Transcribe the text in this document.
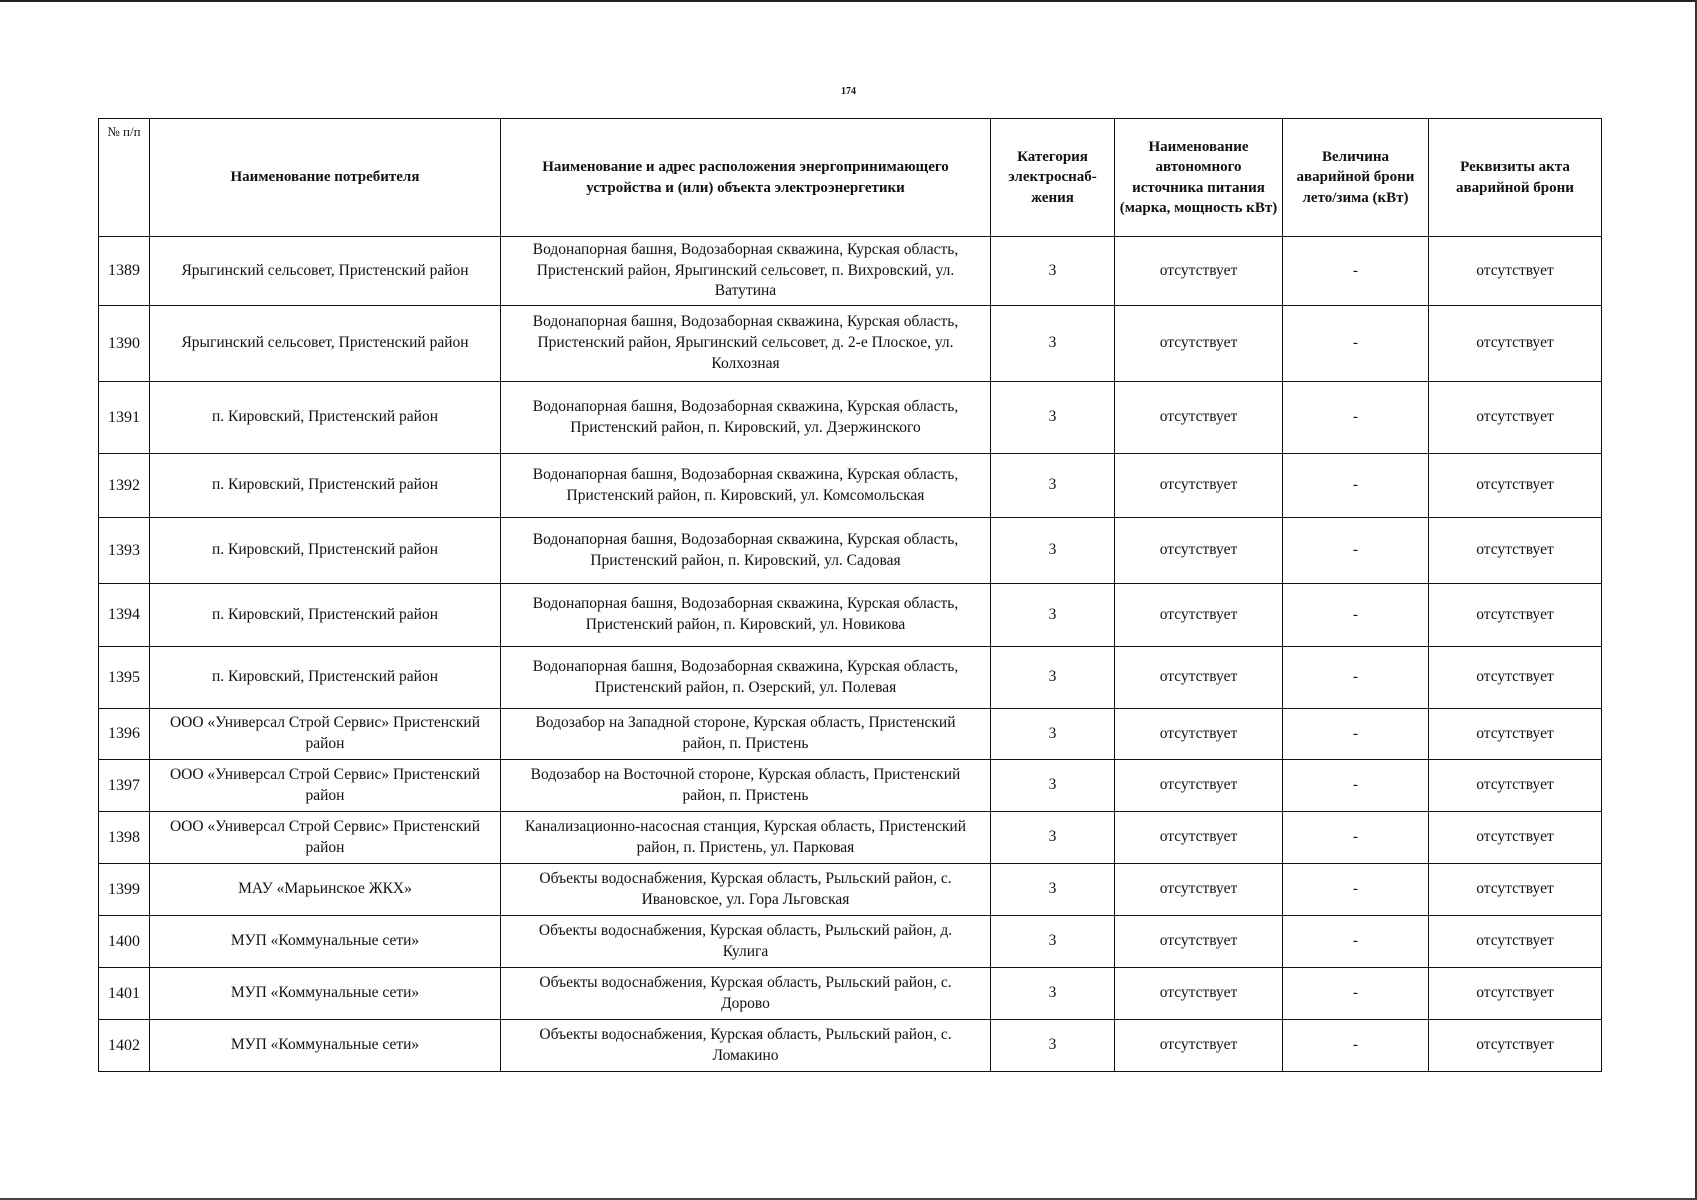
174
№ п/п	Наименование потребителя	Наименование и адрес расположения энергопринимающего устройства и (или) объекта электроэнергетики	Категория электроснаб-жения	Наименование автономного источника питания (марка, мощность кВт)	Величина аварийной брони лето/зима (кВт)	Реквизиты акта аварийной брони
1389	Ярыгинский сельсовет, Пристенский район	Водонапорная башня, Водозаборная скважина, Курская область, Пристенский район, Ярыгинский сельсовет, п. Вихровский, ул. Ватутина	3	отсутствует	-	отсутствует
1390	Ярыгинский сельсовет, Пристенский район	Водонапорная башня, Водозаборная скважина, Курская область, Пристенский район, Ярыгинский сельсовет, д. 2-е Плоское, ул. Колхозная	3	отсутствует	-	отсутствует
1391	п. Кировский, Пристенский район	Водонапорная башня, Водозаборная скважина, Курская область, Пристенский район, п. Кировский, ул. Дзержинского	3	отсутствует	-	отсутствует
1392	п. Кировский, Пристенский район	Водонапорная башня, Водозаборная скважина, Курская область, Пристенский район, п. Кировский, ул. Комсомольская	3	отсутствует	-	отсутствует
1393	п. Кировский, Пристенский район	Водонапорная башня, Водозаборная скважина, Курская область, Пристенский район, п. Кировский, ул. Садовая	3	отсутствует	-	отсутствует
1394	п. Кировский, Пристенский район	Водонапорная башня, Водозаборная скважина, Курская область, Пристенский район, п. Кировский, ул. Новикова	3	отсутствует	-	отсутствует
1395	п. Кировский, Пристенский район	Водонапорная башня, Водозаборная скважина, Курская область, Пристенский район, п. Озерский, ул. Полевая	3	отсутствует	-	отсутствует
1396	ООО «Универсал Строй Сервис» Пристенский район	Водозабор на Западной стороне, Курская область, Пристенский район, п. Пристень	3	отсутствует	-	отсутствует
1397	ООО «Универсал Строй Сервис» Пристенский район	Водозабор на Восточной стороне, Курская область, Пристенский район, п. Пристень	3	отсутствует	-	отсутствует
1398	ООО «Универсал Строй Сервис» Пристенский район	Канализационно-насосная станция, Курская область, Пристенский район, п. Пристень, ул. Парковая	3	отсутствует	-	отсутствует
1399	МАУ «Марьинское ЖКХ»	Объекты водоснабжения, Курская область, Рыльский район, с. Ивановское, ул. Гора Льговская	3	отсутствует	-	отсутствует
1400	МУП «Коммунальные сети»	Объекты водоснабжения, Курская область, Рыльский район, д. Кулига	3	отсутствует	-	отсутствует
1401	МУП «Коммунальные сети»	Объекты водоснабжения, Курская область, Рыльский район, с. Дорово	3	отсутствует	-	отсутствует
1402	МУП «Коммунальные сети»	Объекты водоснабжения, Курская область, Рыльский район, с. Ломакино	3	отсутствует	-	отсутствует
